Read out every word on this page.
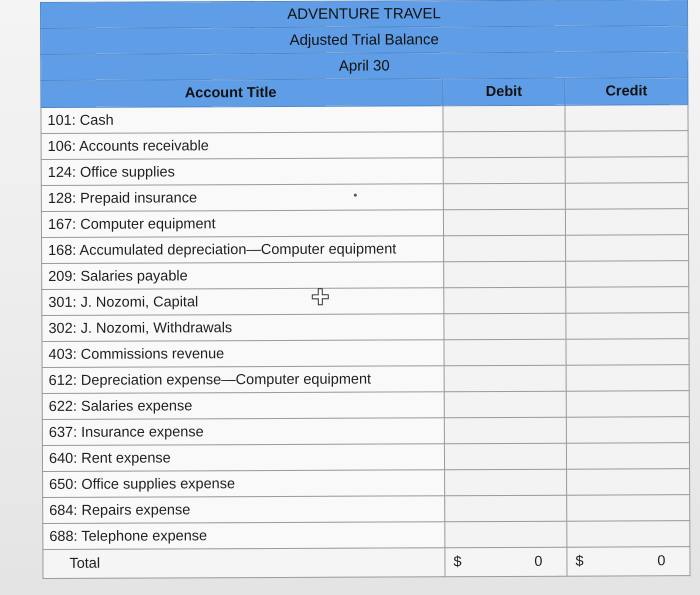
ADVENTURE TRAVEL		
Adjusted Trial Balance		
April 30		
Account Title	Debit	Credit
101: Cash		
106: Accounts receivable		
124: Office supplies		
128: Prepaid insurance		
167: Computer equipment		
168: Accumulated depreciation—Computer equipment		
209: Salaries payable		
301: J. Nozomi, Capital		
302: J. Nozomi, Withdrawals		
403: Commissions revenue		
612: Depreciation expense—Computer equipment		
622: Salaries expense		
637: Insurance expense		
640: Rent expense		
650: Office supplies expense		
684: Repairs expense		
688: Telephone expense		
Total	$ 0	$ 0
